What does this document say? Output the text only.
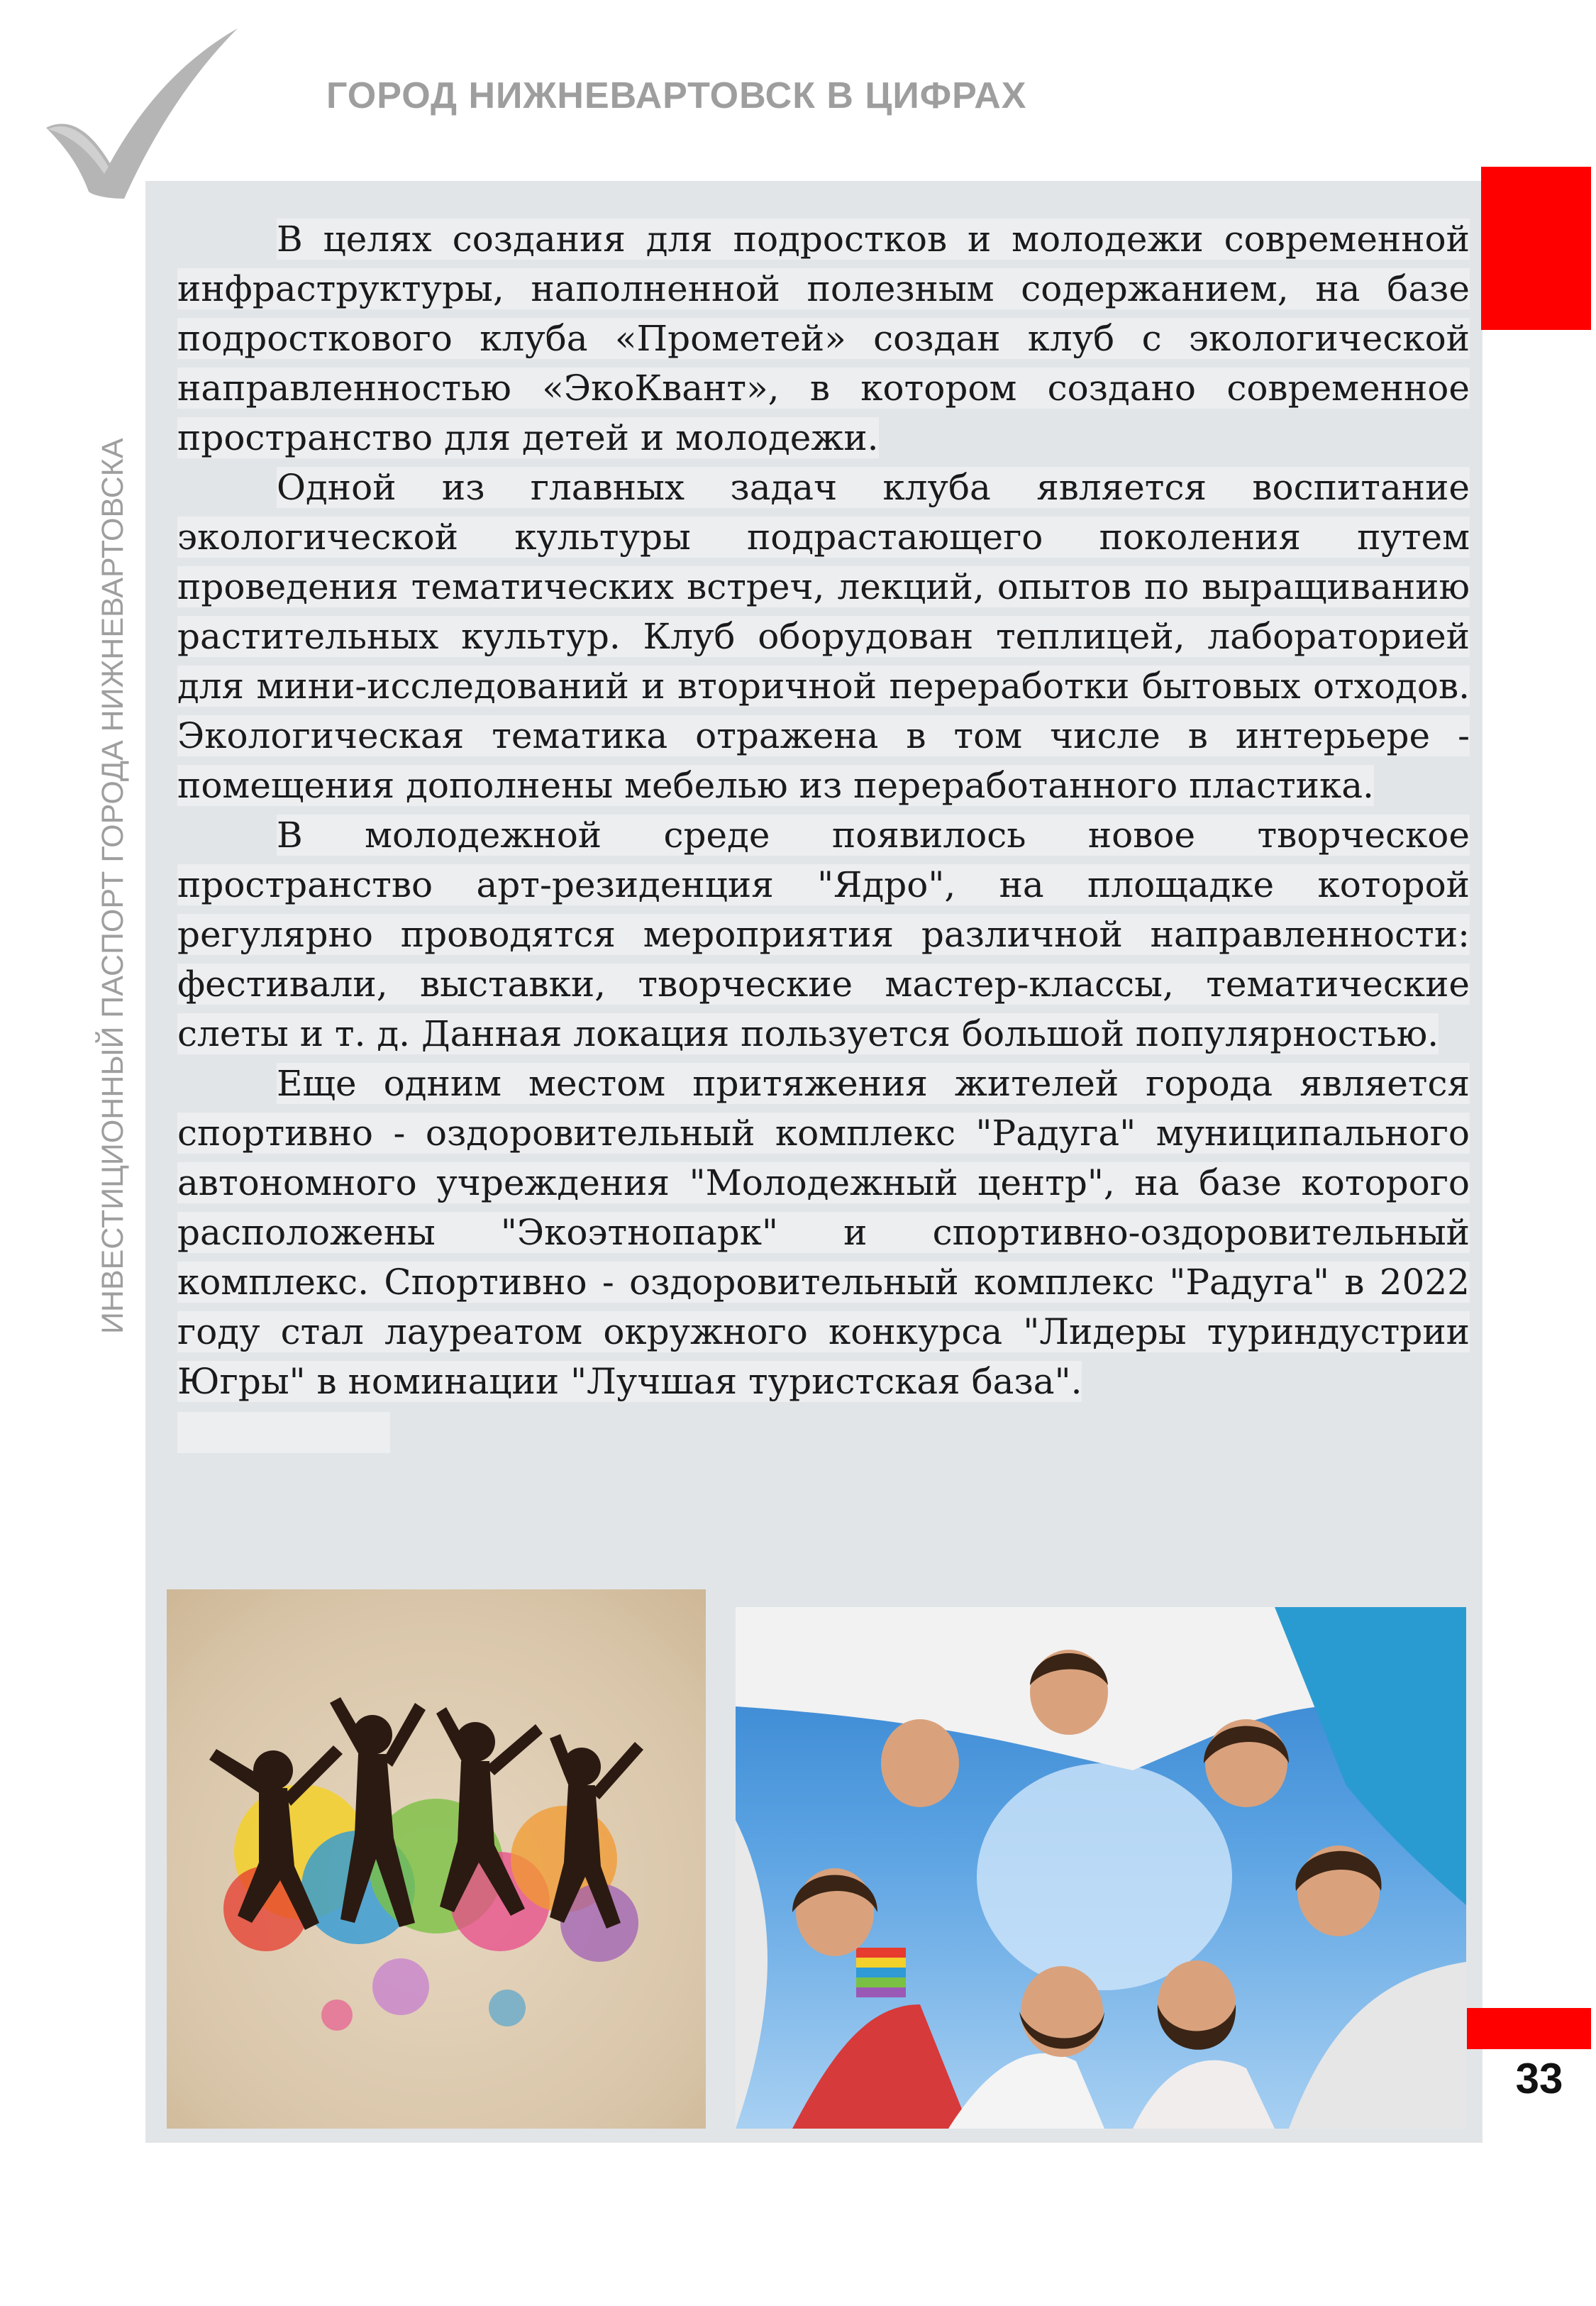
ГОРОД НИЖНЕВАРТОВСК В ЦИФРАХ
ИНВЕСТИЦИОННЫЙ ПАСПОРТ ГОРОДА НИЖНЕВАРТОВСКА

В целях создания для подростков и молодежи современной инфраструктуры, наполненной полезным содержанием, на базе подросткового клуба «Прометей» создан клуб с экологической направленностью «ЭкоКвант», в котором создано современное пространство для детей и молодежи.

Одной из главных задач клуба является воспитание экологической культуры подрастающего поколения путем проведения тематических встреч, лекций, опытов по выращиванию растительных культур. Клуб оборудован теплицей, лабораторией для мини-исследований и вторичной переработки бытовых отходов. Экологическая тематика отражена в том числе в интерьере - помещения дополнены мебелью из переработанного пластика.

В молодежной среде появилось новое творческое пространство арт-резиденция "Ядро", на площадке которой регулярно проводятся мероприятия различной направленности: фестивали, выставки, творческие мастер-классы, тематические слеты и т. д. Данная локация пользуется большой популярностью.

Еще одним местом притяжения жителей города является спортивно - оздоровительный комплекс "Радуга" муниципального автономного учреждения "Молодежный центр", на базе которого расположены "Экоэтнопарк" и спортивно-оздоровительный комплекс. Спортивно - оздоровительный комплекс "Радуга" в 2022 году стал лауреатом окружного конкурса "Лидеры туриндустрии Югры" в номинации "Лучшая туристская база".

33
